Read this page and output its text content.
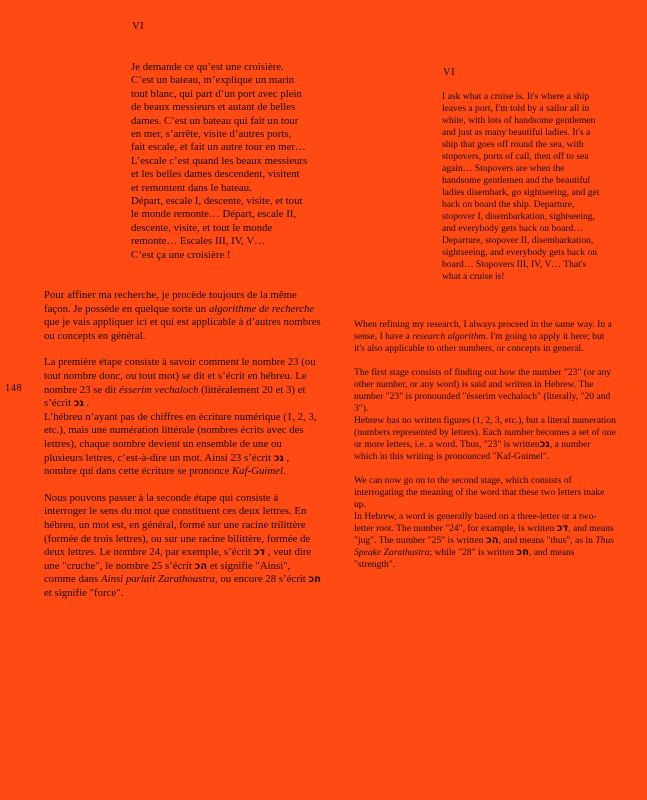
VI
VI
148
Je demande ce qu’est une croisière.
C’est un bateau, m’explique un marin
tout blanc, qui part d’un port avec plein
de beaux messieurs et autant de belles
dames. C’est un bateau qui fait un tour
en mer, s’arrête, visite d’autres ports,
fait escale, et fait un autre tour en mer…
L’escale c’est quand les beaux messieurs
et les belles dames descendent, visitent
et remontent dans le bateau.
Départ, escale I, descente, visite, et tout
le monde remonte… Départ, escale II,
descente, visite, et tout le monde
remonte… Escales III, IV, V…
C’est ça une croisière !

Pour affiner ma recherche, je procède toujours de la même façon. Je possède en quelque sorte un algorithme de recherche que je vais appliquer ici et qui est applicable à d’autres nombres ou concepts en général.

La première étape consiste à savoir comment le nombre 23 (ou tout nombre donc, ou tout mot) se dit et s’écrit en hébreu. Le nombre 23 se dit ésserim vechaloch (littéralement 20 et 3) et s’écrit גכ .

L’hébreu n’ayant pas de chiffres en écriture numérique (1, 2, 3, etc.), mais une numération littérale (nombres écrits avec des lettres), chaque nombre devient un ensemble de une ou plusieurs lettres, c’est-à-dire un mot. Ainsi 23 s’écrit גכ , nombre qui dans cette écriture se prononce Kaf-Guimel.

Nous pouvons passer à la seconde étape qui consiste à interroger le sens du mot que constituent ces deux lettres. En hébreu, un mot est, en général, formé sur une racine trilittère (formée de trois lettres), ou sur une racine bilittère, formée de deux lettres. Le nombre 24, par exemple, s’écrit דכ , veut dire une "cruche", le nombre 25 s’écrit הכ et signifie "Ainsi", comme dans Ainsi parlait Zarathoustra, ou encore 28 s’écrit חכ et signifie "force".

I ask what a cruise is. It's where a ship leaves a port, I'm told by a sailor all in white, with lots of handsome gentlemen and just as many beautiful ladies. It's a ship that goes off round the sea, with stopovers, ports of call, then off to sea again… Stopovers are when the handsome gentlemen and the beautiful ladies disembark, go sightseeing, and get back on board the ship. Departure, stopover I, disembarkation, sightseeing, and everybody gets back on board… Departure, stopover II, disembarkation, sightseeing, and everybody gets back on board… Stopovers III, IV, V… That's what a cruise is!

When refining my research, I always proceed in the same way. In a sense, I have a research algorithm. I'm going to apply it here; but it's also applicable to other numbers, or concepts in general.

The first stage consists of finding out how the number "23" (or any other number, or any word) is said and written in Hebrew. The number "23" is pronounded "ésserim vechaloch" (literally, "20 and 3").

Hebrew has no written figures (1, 2, 3, etc.), but a literal numeration (numbers represented by letters). Each number becomes a set of one or more letters, i.e. a word. Thus, "23" is writtenגכ, a number which in this writing is pronounced "Kaf-Guimel".

We can now go on to the second stage, which consists of interrogating the meaning of the word that these two letters make up.

In Hebrew, a word is generally based on a three-letter or a two-letter root. The number "24", for example, is written דכ, and means "jug". The number "25" is written הכ, and means "thus", as in Thus Speake Zarathustra; while "28" is written חכ, and means "strength".
